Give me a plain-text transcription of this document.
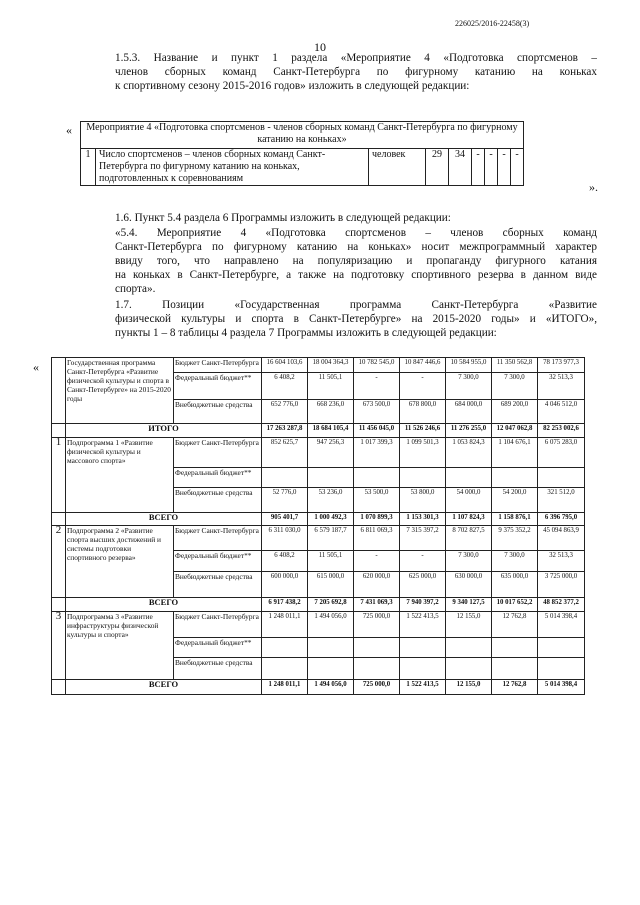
226025/2016-22458(3)
10
1.5.3. Название и пункт 1 раздела «Мероприятие 4 «Подготовка спортсменов –
членов сборных команд Санкт-Петербурга по фигурному катанию на коньках
к спортивному сезону 2015-2016 годов» изложить в следующей редакции:
« Мероприятие 4 «Подготовка спортсменов - членов сборных команд Санкт-Петербурга по фигурному катанию на коньках»
1	Число спортсменов – членов сборных команд Санкт-Петербурга по фигурному катанию на коньках, подготовленных к соревнованиям	человек	29	34	-	-	-	-
».
1.6. Пункт 5.4 раздела 6 Программы изложить в следующей редакции:
«5.4. Мероприятие 4 «Подготовка спортсменов – членов сборных команд
Санкт-Петербурга по фигурному катанию на коньках» носит межпрограммный характер
ввиду того, что направлено на популяризацию и пропаганду фигурного катания
на коньках в Санкт-Петербурге, а также на подготовку спортивного резерва в данном виде
спорта».
1.7. Позиции «Государственная программа Санкт-Петербурга «Развитие
физической культуры и спорта в Санкт-Петербурге» на 2015-2020 годы» и «ИТОГО»,
пункты 1 – 8 таблицы 4 раздела 7 Программы изложить в следующей редакции:
«
		Государственная программа Санкт-Петербурга «Развитие физической культуры и спорта в Санкт-Петербурге» на 2015-2020 годы	Бюджет Санкт-Петербурга	16 604 103,6	18 004 364,3	10 782 545,0	10 847 446,6	10 584 955,0	11 350 562,8	78 173 977,3
		Федеральный бюджет**	6 408,2	11 505,1	-	-	7 300,0	7 300,0	32 513,3
		Внебюджетные средства	652 776,0	668 236,0	673 500,0	678 800,0	684 000,0	689 200,0	4 046 512,0
	ИТОГО		17 263 287,8	18 684 105,4	11 456 045,0	11 526 246,6	11 276 255,0	12 047 062,8	82 253 002,6
1	Подпрограмма 1 «Развитие физической культуры и массового спорта»	Бюджет Санкт-Петербурга	852 625,7	947 256,3	1 017 399,3	1 099 501,3	1 053 824,3	1 104 676,1	6 075 283,0
		Федеральный бюджет**							
		Внебюджетные средства	52 776,0	53 236,0	53 500,0	53 800,0	54 000,0	54 200,0	321 512,0
	ВСЕГО		905 401,7	1 000 492,3	1 070 899,3	1 153 301,3	1 107 824,3	1 158 876,1	6 396 795,0
2	Подпрограмма 2 «Развитие спорта высших достижений и системы подготовки спортивного резерва»	Бюджет Санкт-Петербурга	6 311 030,0	6 579 187,7	6 811 069,3	7 315 397,2	8 702 827,5	9 375 352,2	45 094 863,9
		Федеральный бюджет**	6 408,2	11 505,1	-	-	7 300,0	7 300,0	32 513,3
		Внебюджетные средства	600 000,0	615 000,0	620 000,0	625 000,0	630 000,0	635 000,0	3 725 000,0
	ВСЕГО		6 917 438,2	7 205 692,8	7 431 069,3	7 940 397,2	9 340 127,5	10 017 652,2	48 852 377,2
3	Подпрограмма 3 «Развитие инфраструктуры физической культуры и спорта»	Бюджет Санкт-Петербурга	1 248 011,1	1 494 056,0	725 000,0	1 522 413,5	12 155,0	12 762,8	5 014 398,4
		Федеральный бюджет**							
		Внебюджетные средства							
	ВСЕГО		1 248 011,1	1 494 056,0	725 000,0	1 522 413,5	12 155,0	12 762,8	5 014 398,4
